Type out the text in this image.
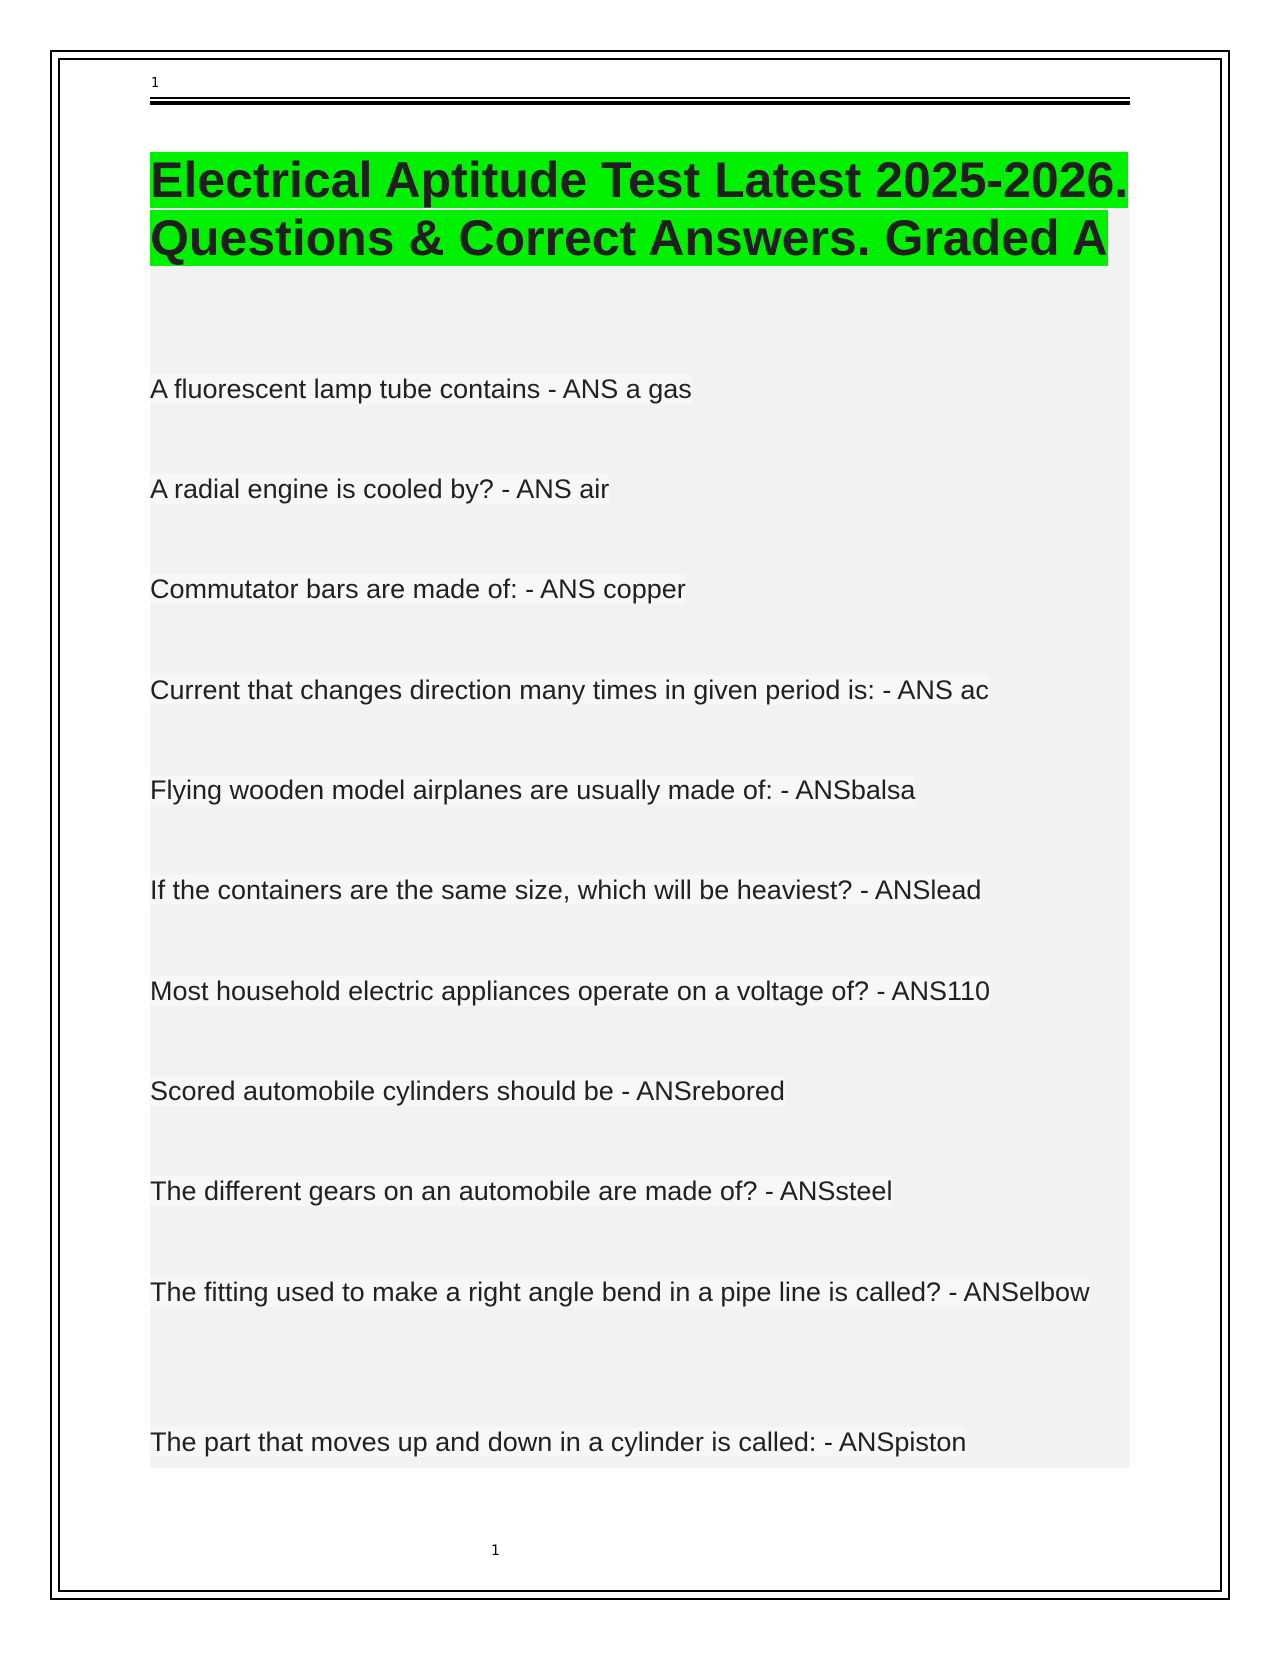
1
Electrical Aptitude Test Latest 2025-2026. Questions & Correct Answers. Graded A

A fluorescent lamp tube contains - ANS a gas

A radial engine is cooled by? - ANS air

Commutator bars are made of: - ANS copper

Current that changes direction many times in given period is: - ANS ac

Flying wooden model airplanes are usually made of: - ANSbalsa

If the containers are the same size, which will be heaviest? - ANSlead

Most household electric appliances operate on a voltage of? - ANS110

Scored automobile cylinders should be - ANSrebored

The different gears on an automobile are made of? - ANSsteel

The fitting used to make a right angle bend in a pipe line is called? - ANSelbow

The part that moves up and down in a cylinder is called: - ANSpiston

1
